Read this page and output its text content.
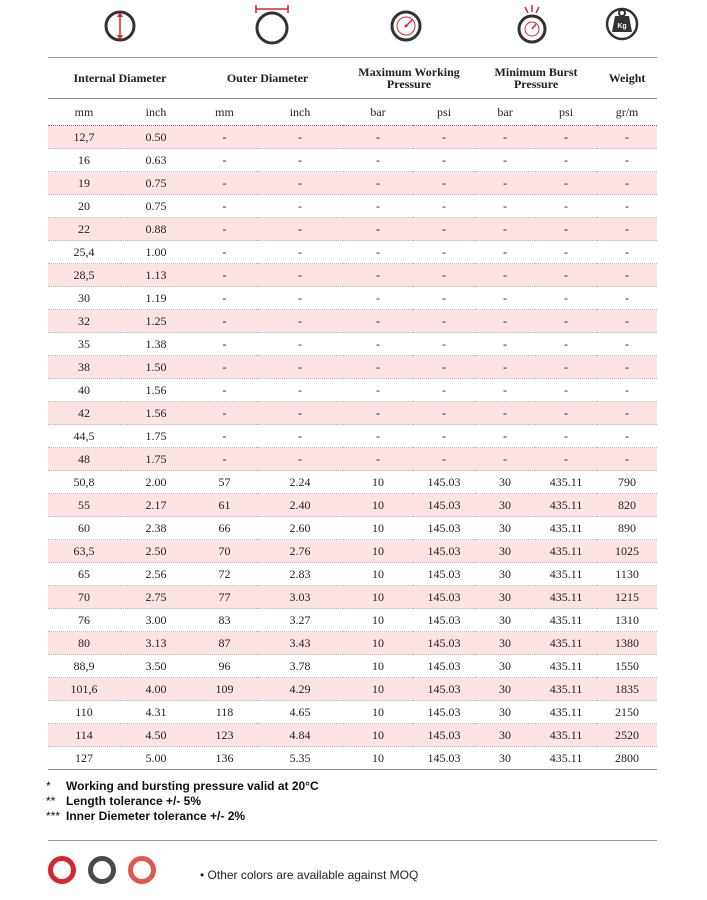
Kg
Internal Diameter		Outer Diameter		Maximum Working Pressure		Minimum Burst Pressure		Weight
mm	inch	mm	inch	bar	psi	bar	psi	gr/m
12,7	0.50	-	-	-	-	-	-	-
16	0.63	-	-	-	-	-	-	-
19	0.75	-	-	-	-	-	-	-
20	0.75	-	-	-	-	-	-	-
22	0.88	-	-	-	-	-	-	-
25,4	1.00	-	-	-	-	-	-	-
28,5	1.13	-	-	-	-	-	-	-
30	1.19	-	-	-	-	-	-	-
32	1.25	-	-	-	-	-	-	-
35	1.38	-	-	-	-	-	-	-
38	1.50	-	-	-	-	-	-	-
40	1.56	-	-	-	-	-	-	-
42	1.56	-	-	-	-	-	-	-
44,5	1.75	-	-	-	-	-	-	-
48	1.75	-	-	-	-	-	-	-
50,8	2.00	57	2.24	10	145.03	30	435.11	790
55	2.17	61	2.40	10	145.03	30	435.11	820
60	2.38	66	2.60	10	145.03	30	435.11	890
63,5	2.50	70	2.76	10	145.03	30	435.11	1025
65	2.56	72	2.83	10	145.03	30	435.11	1130
70	2.75	77	3.03	10	145.03	30	435.11	1215
76	3.00	83	3.27	10	145.03	30	435.11	1310
80	3.13	87	3.43	10	145.03	30	435.11	1380
88,9	3.50	96	3.78	10	145.03	30	435.11	1550
101,6	4.00	109	4.29	10	145.03	30	435.11	1835
110	4.31	118	4.65	10	145.03	30	435.11	2150
114	4.50	123	4.84	10	145.03	30	435.11	2520
127	5.00	136	5.35	10	145.03	30	435.11	2800
* Working and bursting pressure valid at 20°C
** Length tolerance +/- 5%
*** Inner Diemeter tolerance +/- 2%
• Other colors are available against MOQ
